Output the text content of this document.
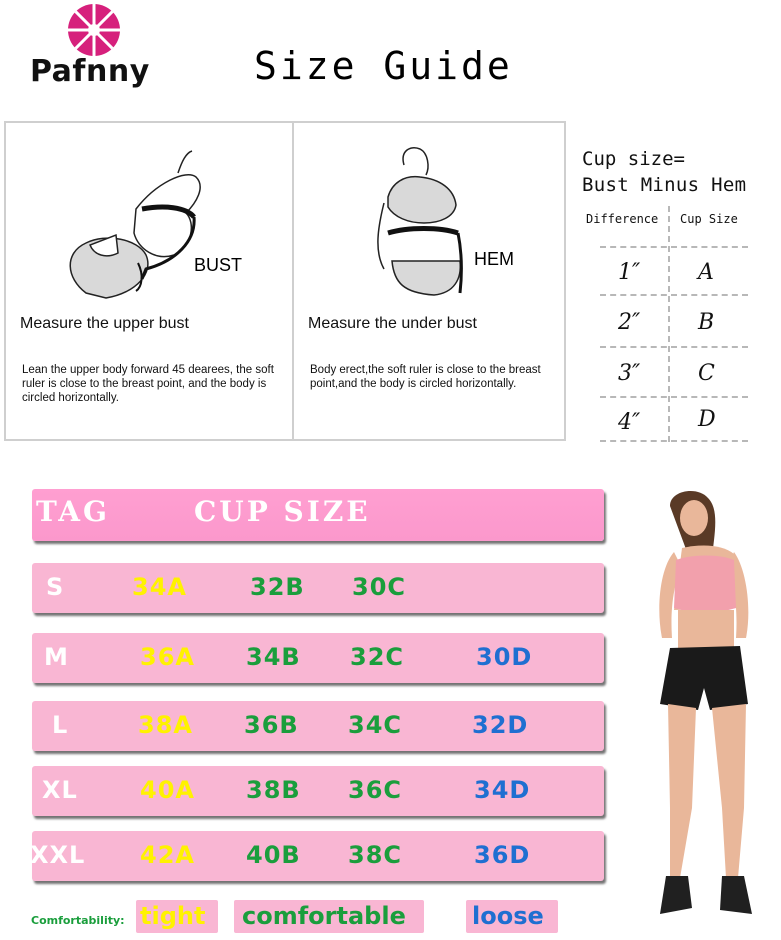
Pafnny	Size Guide
BUST
Measure the upper bust
Lean the upper body forward 45 dearees, the soft ruler is close to the breast point, and the body is circled horizontally.
HEM
Measure the under bust
Body erect,the soft ruler is close to the breast point,and the body is circled horizontally.
Cup size=
Bust Minus Hem
Difference Cup Size
1″	A
2″	B
3″	C
4″	D
TAG	CUP SIZE
S	34A	32B 30C
M	36A 34B 32C	30D
L	38A 36B 34C	32D
XL	40A 38B 36C	34D
XXL 42A 40B 38C	36D
Comfortability: tight comfortable	loose
